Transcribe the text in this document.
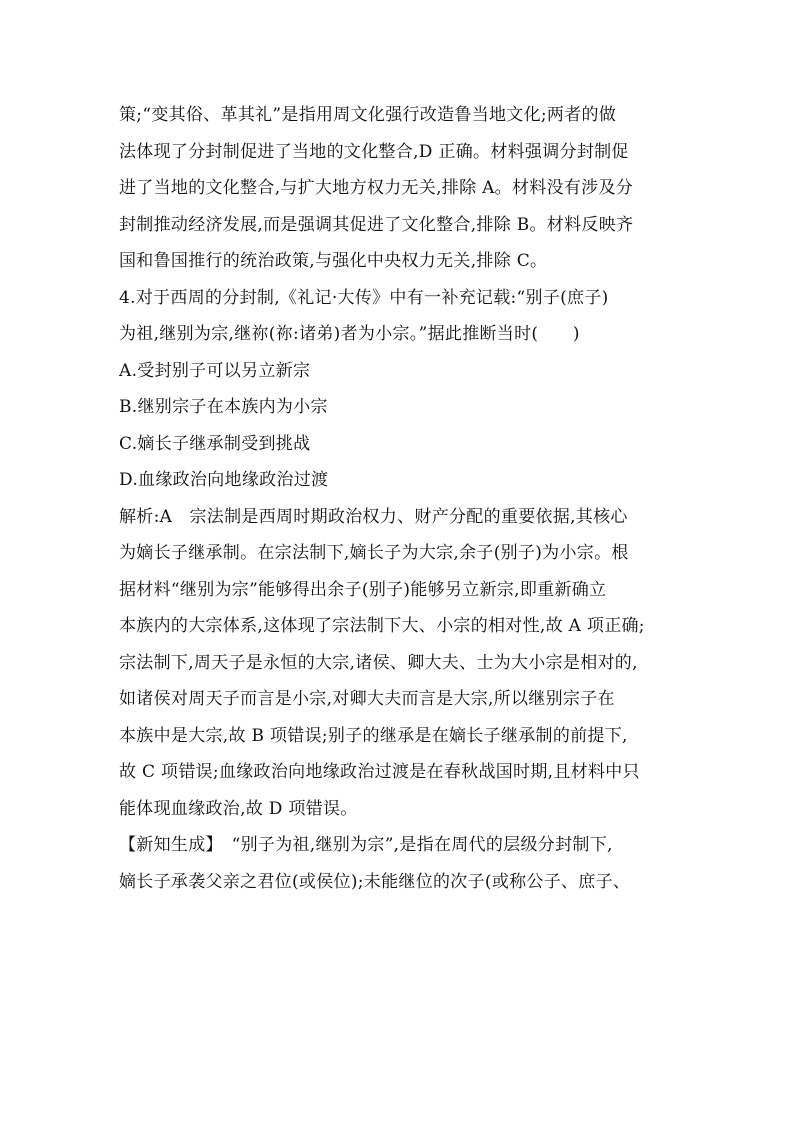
策;“变其俗、革其礼”是指用周文化强行改造鲁当地文化;两者的做
法体现了分封制促进了当地的文化整合,D 正确。材料强调分封制促
进了当地的文化整合,与扩大地方权力无关,排除 A。材料没有涉及分
封制推动经济发展,而是强调其促进了文化整合,排除 B。材料反映齐
国和鲁国推行的统治政策,与强化中央权力无关,排除 C。
4.对于西周的分封制,《礼记·大传》中有一补充记载:“别子(庶子)
为祖,继别为宗,继祢(祢:诸弟)者为小宗。”据此推断当时(　　)
A.受封别子可以另立新宗
B.继别宗子在本族内为小宗
C.嫡长子继承制受到挑战
D.血缘政治向地缘政治过渡
解析:A　宗法制是西周时期政治权力、财产分配的重要依据,其核心
为嫡长子继承制。在宗法制下,嫡长子为大宗,余子(别子)为小宗。根
据材料“继别为宗”能够得出余子(别子)能够另立新宗,即重新确立
本族内的大宗体系,这体现了宗法制下大、小宗的相对性,故 A 项正确;
宗法制下,周天子是永恒的大宗,诸侯、卿大夫、士为大小宗是相对的,
如诸侯对周天子而言是小宗,对卿大夫而言是大宗,所以继别宗子在
本族中是大宗,故 B 项错误;别子的继承是在嫡长子继承制的前提下,
故 C 项错误;血缘政治向地缘政治过渡是在春秋战国时期,且材料中只
能体现血缘政治,故 D 项错误。
【新知生成】　“别子为祖,继别为宗”,是指在周代的层级分封制下,
嫡长子承袭父亲之君位(或侯位);未能继位的次子(或称公子、庶子、
